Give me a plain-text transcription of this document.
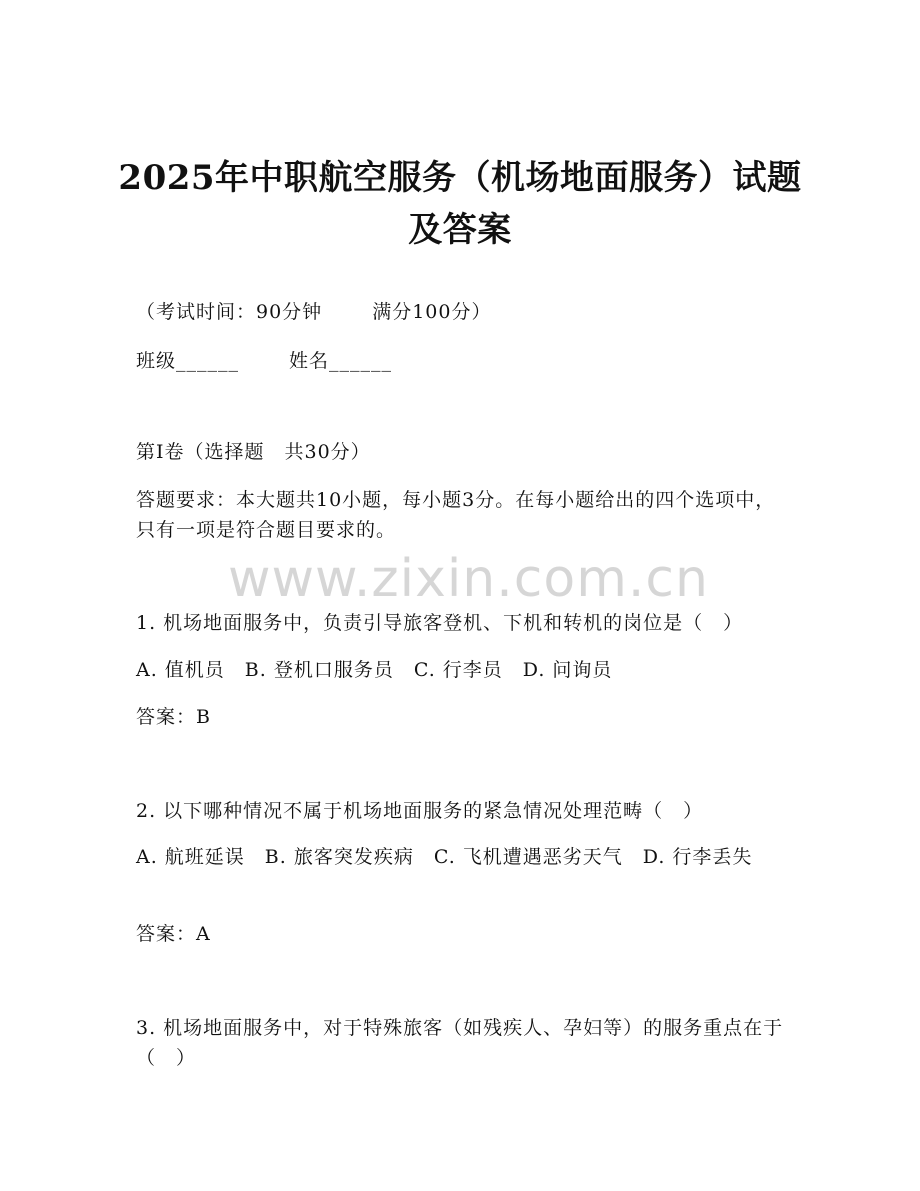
2025年中职航空服务（机场地面服务）试题
及答案
（考试时间：90分钟	满分100分）
班级______	姓名______
第I卷（选择题　共30分）
答题要求：本大题共10小题，每小题3分。在每小题给出的四个选项中，只有一项是符合题目要求的。
www.zixin.com.cn
1. 机场地面服务中，负责引导旅客登机、下机和转机的岗位是（　）
A. 值机员　B. 登机口服务员　C. 行李员　D. 问询员
答案：B
2. 以下哪种情况不属于机场地面服务的紧急情况处理范畴（　）
A. 航班延误　B. 旅客突发疾病　C. 飞机遭遇恶劣天气　D. 行李丢失
答案：A
3. 机场地面服务中，对于特殊旅客（如残疾人、孕妇等）的服务重点在于（　）
